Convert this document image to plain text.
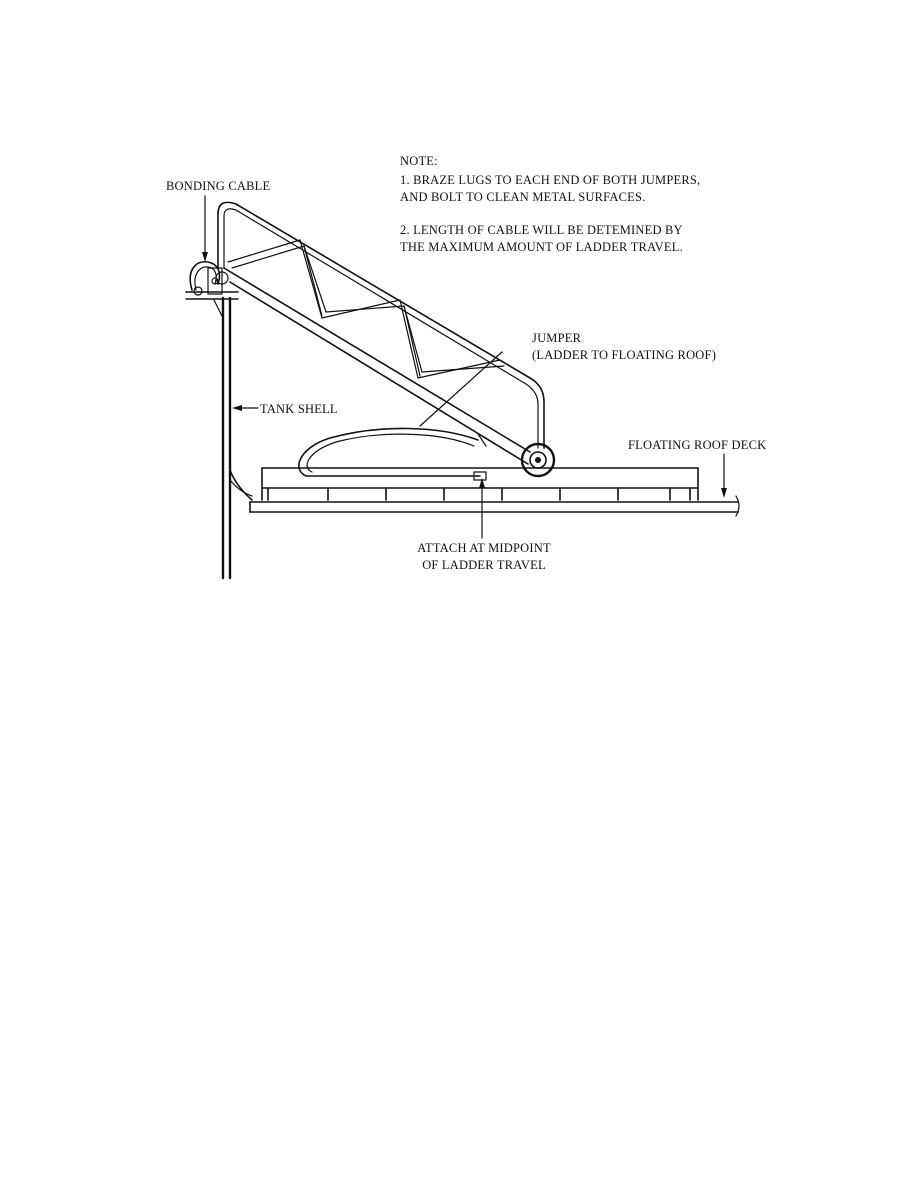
NOTE:
1. BRAZE LUGS TO EACH END OF BOTH JUMPERS,
AND BOLT TO CLEAN METAL SURFACES.
2. LENGTH OF CABLE WILL BE DETEMINED BY
THE MAXIMUM AMOUNT OF LADDER TRAVEL.
BONDING CABLE
JUMPER
(LADDER TO FLOATING ROOF)
TANK SHELL
FLOATING ROOF DECK
ATTACH AT MIDPOINT
OF LADDER TRAVEL
